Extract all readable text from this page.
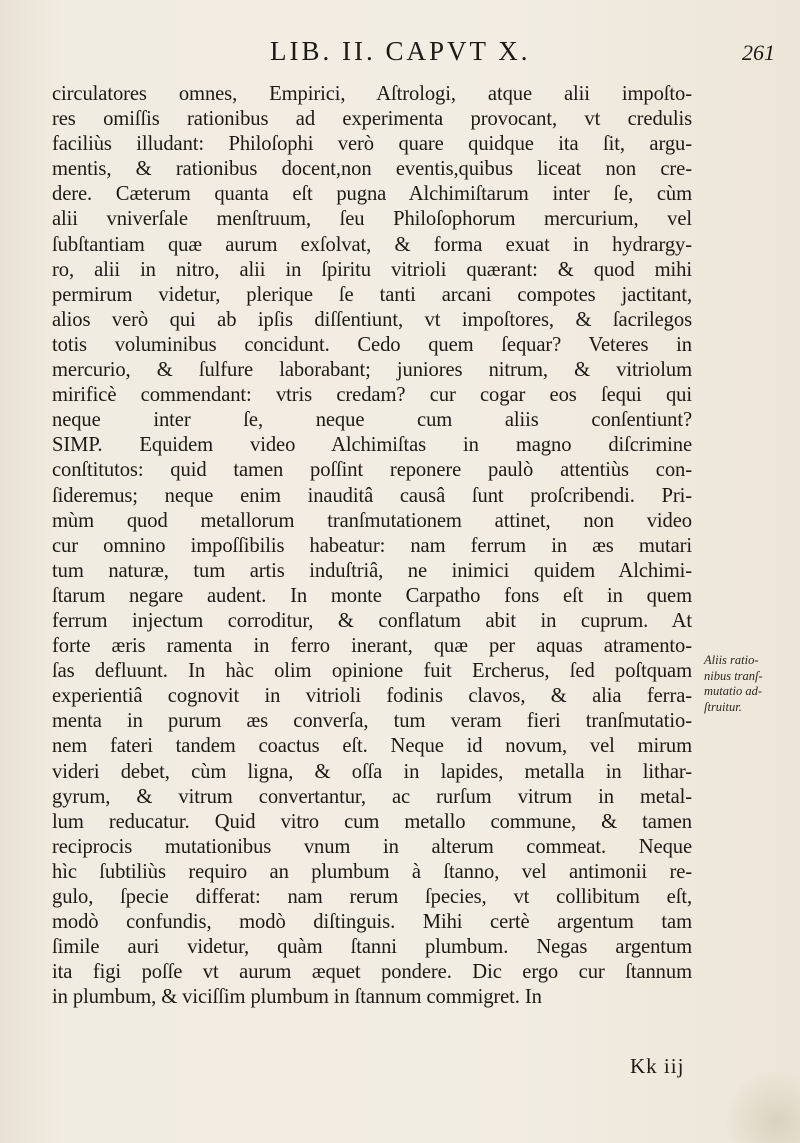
LIB. II. CAPVT X.	261
circulatores omnes, Empirici, Aſtrologi, atque alii impoſto-
res omiſſis rationibus ad experimenta provocant, vt credulis
faciliùs illudant: Philoſophi verò quare quidque ita ſit, argu-
mentis, & rationibus docent,non eventis,quibus liceat non cre-
dere. Cæterum quanta eſt pugna Alchimiſtarum inter ſe, cùm
alii vniverſale menſtruum, ſeu Philoſophorum mercurium, vel
ſubſtantiam quæ aurum exſolvat, & forma exuat in hydrargy-
ro, alii in nitro, alii in ſpiritu vitrioli quærant: & quod mihi
permirum videtur, plerique ſe tanti arcani compotes jactitant,
alios verò qui ab ipſis diſſentiunt, vt impoſtores, & ſacrilegos
totis voluminibus concidunt. Cedo quem ſequar? Veteres in
mercurio, & ſulfure laborabant; juniores nitrum, & vitriolum
mirificè commendant: vtris credam? cur cogar eos ſequi qui
neque inter ſe, neque cum aliis conſentiunt?
SIMP. Equidem video Alchimiſtas in magno diſcrimine
conſtitutos: quid tamen poſſint reponere paulò attentiùs con-
ſideremus; neque enim inauditâ causâ ſunt proſcribendi. Pri-
mùm quod metallorum tranſmutationem attinet, non video
cur omnino impoſſibilis habeatur: nam ferrum in æs mutari
tum naturæ, tum artis induſtriâ, ne inimici quidem Alchimi-
ſtarum negare audent. In monte Carpatho fons eſt in quem
ferrum injectum corroditur, & conflatum abit in cuprum. At
forte æris ramenta in ferro inerant, quæ per aquas atramento-
ſas defluunt. In hàc olim opinione fuit Ercherus, ſed poſtquam
experientiâ cognovit in vitrioli fodinis clavos, & alia ferra-
menta in purum æs converſa, tum veram fieri tranſmutatio-
nem fateri tandem coactus eſt. Neque id novum, vel mirum
videri debet, cùm ligna, & oſſa in lapides, metalla in lithar-
gyrum, & vitrum convertantur, ac rurſum vitrum in metal-
lum reducatur. Quid vitro cum metallo commune, & tamen
reciprocis mutationibus vnum in alterum commeat. Neque
hìc ſubtiliùs requiro an plumbum à ſtanno, vel antimonii re-
gulo, ſpecie differat: nam rerum ſpecies, vt collibitum eſt,
modò confundis, modò diſtinguis. Mihi certè argentum tam
ſimile auri videtur, quàm ſtanni plumbum. Negas argentum
ita figi poſſe vt aurum æquet pondere. Dic ergo cur ſtannum
in plumbum, & viciſſim plumbum in ſtannum commigret. In
Aliis ratio-
nibus tranſ-
mutatio ad-
ſtruitur.
Kk iij
